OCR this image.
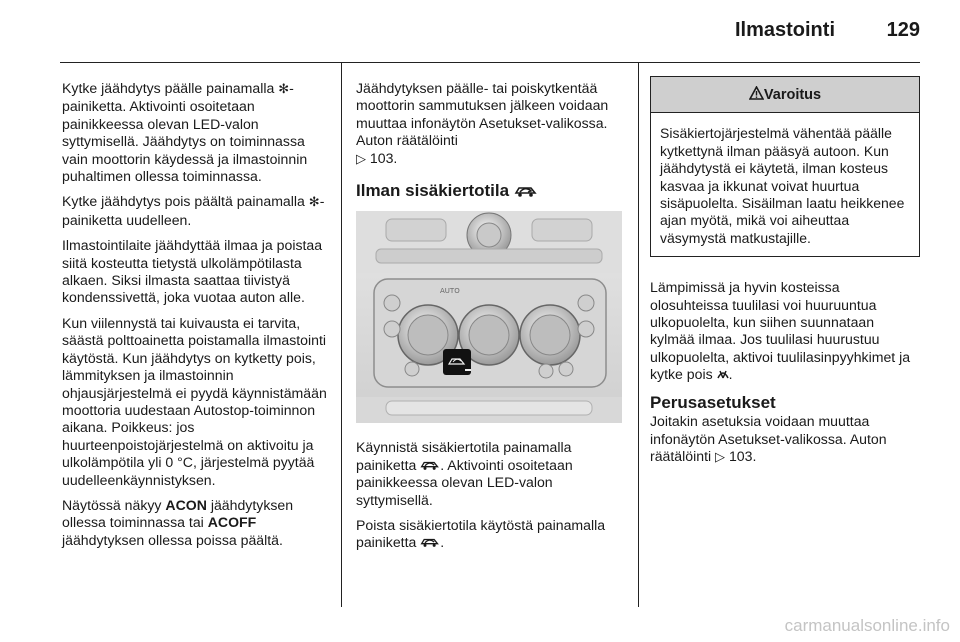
Ilmastointi	129

Kytke jäähdytys päälle painamalla ✻-painiketta. Aktivointi osoitetaan painikkeessa olevan LED-valon syttymisellä. Jäähdytys on toiminnassa vain moottorin käydessä ja ilmastoinnin puhaltimen ollessa toiminnassa.

Kytke jäähdytys pois päältä painamalla ✻-painiketta uudelleen.

Ilmastointilaite jäähdyttää ilmaa ja poistaa siitä kosteutta tietystä ulkolämpötilasta alkaen. Siksi ilmasta saattaa tiivistyä kondenssivettä, joka vuotaa auton alle.

Kun viilennystä tai kuivausta ei tarvita, säästä polttoainetta poistamalla ilmastointi käytöstä. Kun jäähdytys on kytketty pois, lämmityksen ja ilmastoinnin ohjausjärjestelmä ei pyydä käynnistämään moottoria uudestaan Autostop-toiminnon aikana. Poikkeus: jos huurteenpoistojärjestelmä on aktivoitu ja ulkolämpötila yli 0 °C, järjestelmä pyytää uudelleenkäynnistyksen.

Näytössä näkyy ACON jäähdytyksen ollessa toiminnassa tai ACOFF jäähdytyksen ollessa poissa päältä.

Jäähdytyksen päälle- tai poiskytkentää moottorin sammutuksen jälkeen voidaan muuttaa infonäytön Asetukset-valikossa. Auton räätälöinti
▷ 103.

Ilman sisäkiertotila
AUTO

Käynnistä sisäkiertotila painamalla painiketta . Aktivointi osoitetaan painikkeessa olevan LED-valon syttymisellä.

Poista sisäkiertotila käytöstä painamalla painiketta .

Varoitus
Sisäkiertojärjestelmä vähentää päälle kytkettynä ilman pääsyä autoon. Kun jäähdytystä ei käytetä, ilman kosteus kasvaa ja ikkunat voivat huurtua sisäpuolelta. Sisäilman laatu heikkenee ajan myötä, mikä voi aiheuttaa väsymystä matkustajille.

Lämpimissä ja hyvin kosteissa olosuhteissa tuulilasi voi huuruuntua ulkopuolelta, kun siihen suunnataan kylmää ilmaa. Jos tuulilasi huurustuu ulkopuolelta, aktivoi tuulilasinpyyhkimet ja kytke pois .

Perusasetukset

Joitakin asetuksia voidaan muuttaa infonäytön Asetukset-valikossa. Auton räätälöinti ▷ 103.

carmanualsonline.info
